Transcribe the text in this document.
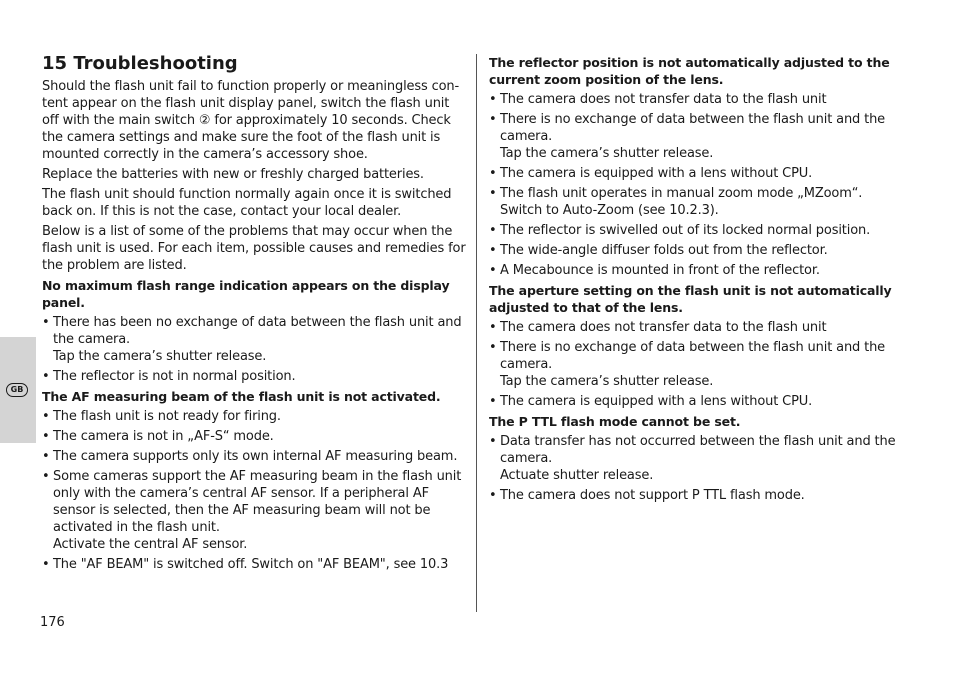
GB
15 Troubleshooting

Should the flash unit fail to function properly or meaningless con-tent appear on the flash unit display panel, switch the flash unit off with the main switch ② for approximately 10 seconds. Check the camera settings and make sure the foot of the flash unit is mounted correctly in the camera’s accessory shoe.

Replace the batteries with new or freshly charged batteries.

The flash unit should function normally again once it is switched back on. If this is not the case, contact your local dealer.

Below is a list of some of the problems that may occur when the flash unit is used. For each item, possible causes and remedies for the problem are listed.

No maximum flash range indication appears on the display panel.

• There has been no exchange of data between the flash unit and the camera.
Tap the camera’s shutter release.
• The reflector is not in normal position.

The AF measuring beam of the flash unit is not activated.

• The flash unit is not ready for firing.
• The camera is not in „AF-S“ mode.
• The camera supports only its own internal AF measuring beam.
• Some cameras support the AF measuring beam in the flash unit only with the camera’s central AF sensor. If a peripheral AF sensor is selected, then the AF measuring beam will not be activated in the flash unit.
Activate the central AF sensor.
• The "AF BEAM" is switched off. Switch on "AF BEAM", see 10.3

The reflector position is not automatically adjusted to the current zoom position of the lens.

• The camera does not transfer data to the flash unit
• There is no exchange of data between the flash unit and the camera.
Tap the camera’s shutter release.
• The camera is equipped with a lens without CPU.
• The flash unit operates in manual zoom mode „MZoom“.
Switch to Auto-Zoom (see 10.2.3).
• The reflector is swivelled out of its locked normal position.
• The wide-angle diffuser folds out from the reflector.
• A Mecabounce is mounted in front of the reflector.

The aperture setting on the flash unit is not automatically adjusted to that of the lens.

• The camera does not transfer data to the flash unit
• There is no exchange of data between the flash unit and the camera.
Tap the camera’s shutter release.
• The camera is equipped with a lens without CPU.

The P TTL flash mode cannot be set.

• Data transfer has not occurred between the flash unit and the camera.
Actuate shutter release.
• The camera does not support P TTL flash mode.
176
